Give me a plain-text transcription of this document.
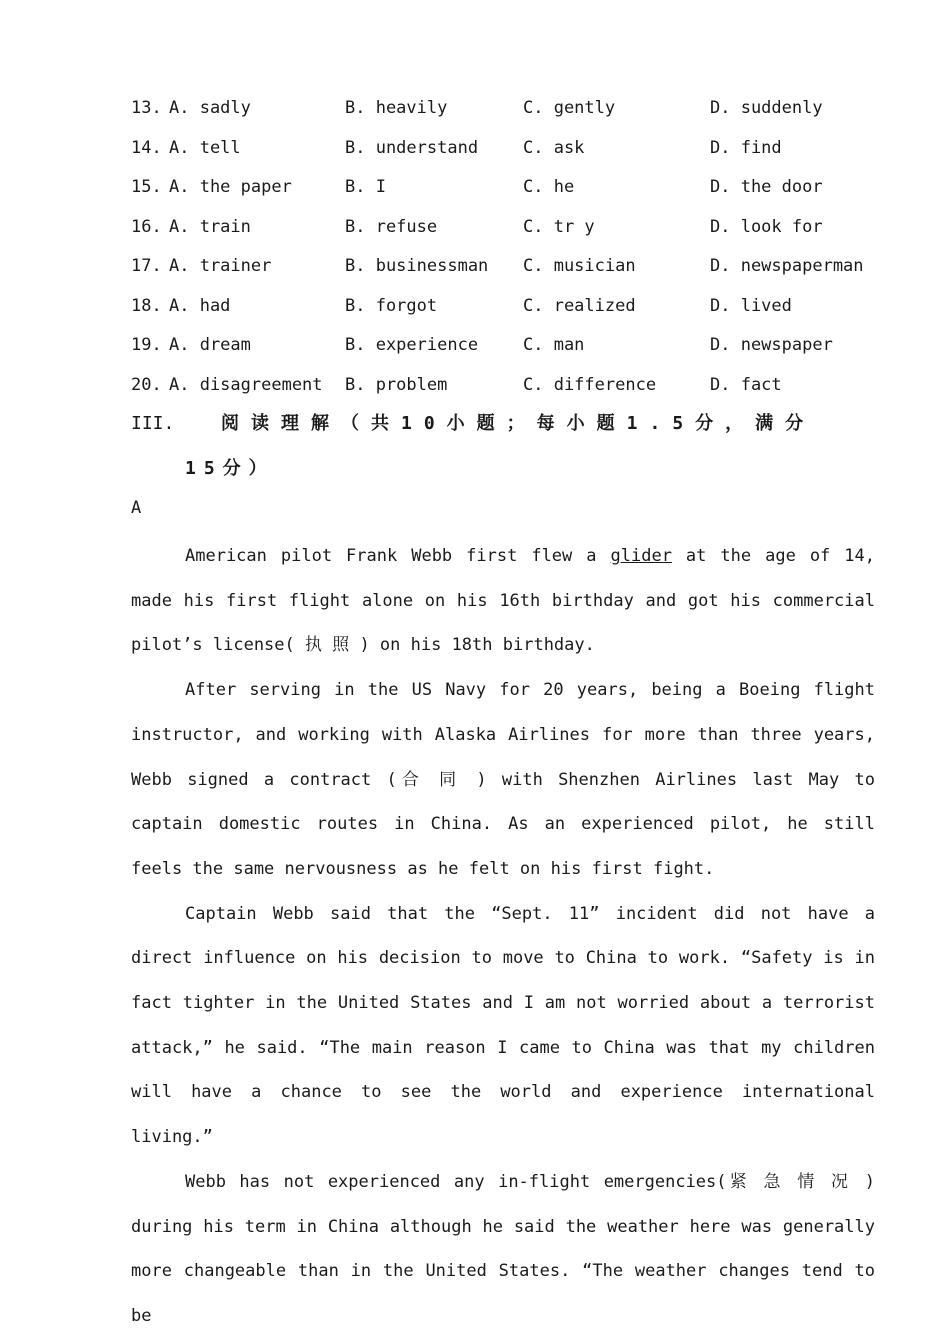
13. A. sadly	B. heavily	C. gently	D. suddenly
14. A. tell	B. understand	C. ask	D. find
15. A. the paper	B. I	C. he	D. the door
16. A. train	B. refuse	C. tr y	D. look for
17. A. trainer	B. businessman C. musician	D. newspaperman
18. A. had	B. forgot	C. realized	D. lived
19. A. dream	B. experience	C. man	D. newspaper
20. A. disagreement B. problem	C. difference	D. fact
III.	阅读理解（共10小题；每小题1.5分，满分
15分）
A

American pilot Frank Webb first flew a glider at the age of 14, made his first flight alone on his 16th birthday and got his commercial pilot’s license( 执 照 ) on his 18th birthday.

After serving in the US Navy for 20 years, being a Boeing flight instructor, and working with Alaska Airlines for more than three years, Webb signed a contract (合 同 ) with Shenzhen Airlines last May to captain domestic routes in China. As an experienced pilot, he still feels the same nervousness as he felt on his first fight.

Captain Webb said that the “Sept. 11” incident did not have a direct influence on his decision to move to China to work. “Safety is in fact tighter in the United States and I am not worried about a terrorist attack,” he said. “The main reason I came to China was that my children will have a chance to see the world and experience international living.”

Webb has not experienced any in-flight emergencies(紧 急 情 况 ) during his term in China although he said the weather here was generally more changeable than in the United States. “The weather changes tend to be
